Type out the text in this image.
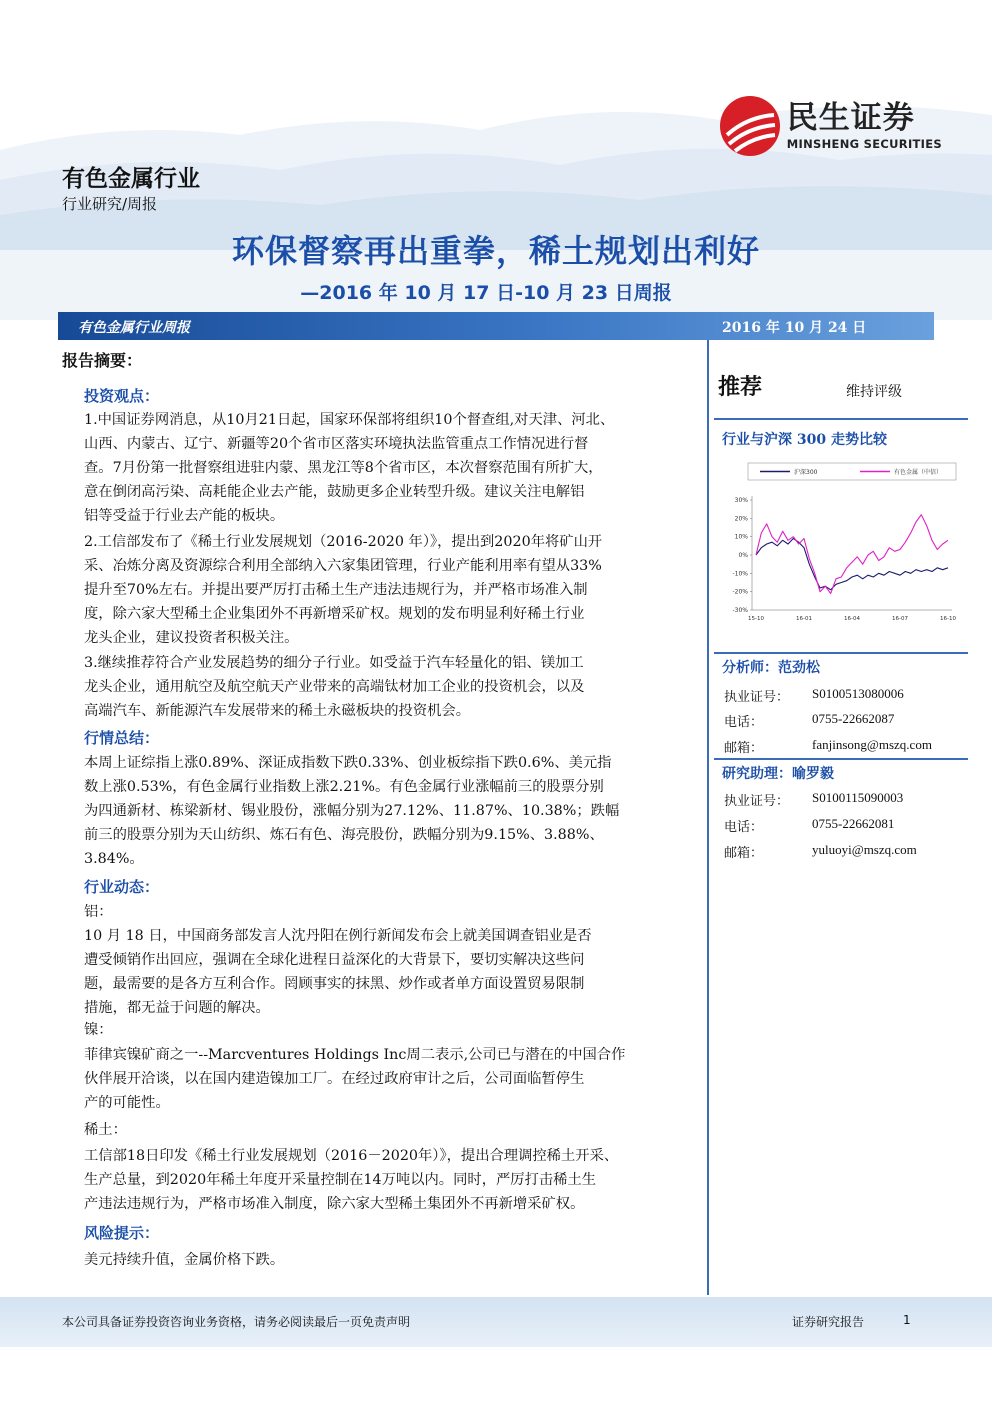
民生证券
MINSHENG SECURITIES
有色金属行业
行业研究/周报
环保督察再出重拳，稀土规划出利好
—2016 年 10 月 17 日-10 月 23 日周报
有色金属行业周报	2016 年 10 月 24 日
报告摘要：
投资观点：
1.中国证券网消息，从10月21日起，国家环保部将组织10个督查组,对天津、河北、
山西、内蒙古、辽宁、新疆等20个省市区落实环境执法监管重点工作情况进行督
查。7月份第一批督察组进驻内蒙、黑龙江等8个省市区，本次督察范围有所扩大，
意在倒闭高污染、高耗能企业去产能，鼓励更多企业转型升级。建议关注电解铝
铝等受益于行业去产能的板块。
2.工信部发布了《稀土行业发展规划（2016-2020 年）》，提出到2020年将矿山开
采、冶炼分离及资源综合利用全部纳入六家集团管理，行业产能利用率有望从33%
提升至70%左右。并提出要严厉打击稀土生产违法违规行为，并严格市场准入制
度，除六家大型稀土企业集团外不再新增采矿权。规划的发布明显利好稀土行业
龙头企业，建议投资者积极关注。
3.继续推荐符合产业发展趋势的细分子行业。如受益于汽车轻量化的铝、镁加工
龙头企业，通用航空及航空航天产业带来的高端钛材加工企业的投资机会，以及
高端汽车、新能源汽车发展带来的稀土永磁板块的投资机会。
行情总结：
本周上证综指上涨0.89%、深证成指数下跌0.33%、创业板综指下跌0.6%、美元指
数上涨0.53%，有色金属行业指数上涨2.21%。有色金属行业涨幅前三的股票分别
为四通新材、栋梁新材、锡业股份，涨幅分别为27.12%、11.87%、10.38%；跌幅
前三的股票分别为天山纺织、炼石有色、海亮股份，跌幅分别为9.15%、3.88%、
3.84%。
行业动态：
铝：
10 月 18 日，中国商务部发言人沈丹阳在例行新闻发布会上就美国调查铝业是否
遭受倾销作出回应，强调在全球化进程日益深化的大背景下，要切实解决这些问
题，最需要的是各方互利合作。罔顾事实的抹黑、炒作或者单方面设置贸易限制
措施，都无益于问题的解决。
镍：
菲律宾镍矿商之一--Marcventures Holdings Inc周二表示,公司已与潜在的中国合作
伙伴展开洽谈，以在国内建造镍加工厂。在经过政府审计之后，公司面临暂停生
产的可能性。
稀土：
工信部18日印发《稀土行业发展规划（2016－2020年）》，提出合理调控稀土开采、
生产总量，到2020年稀土年度开采量控制在14万吨以内。同时，严厉打击稀土生
产违法违规行为，严格市场准入制度，除六家大型稀土集团外不再新增采矿权。
风险提示：
美元持续升值，金属价格下跌。
推荐	维持评级
行业与沪深 300 走势比较
沪深300	有色金属（中信）
30%
20%
10%
0%
-10%
-20%
-30%
15-10	16-01	16-04	16-07	16-10
分析师：范劲松
执业证号： S0100513080006
电话：	0755-22662087
邮箱：	fanjinsong@mszq.com
研究助理：喻罗毅
执业证号： S0100115090003
电话：	0755-22662081
邮箱：	yuluoyi@mszq.com
本公司具备证券投资咨询业务资格，请务必阅读最后一页免责声明	证券研究报告	1
